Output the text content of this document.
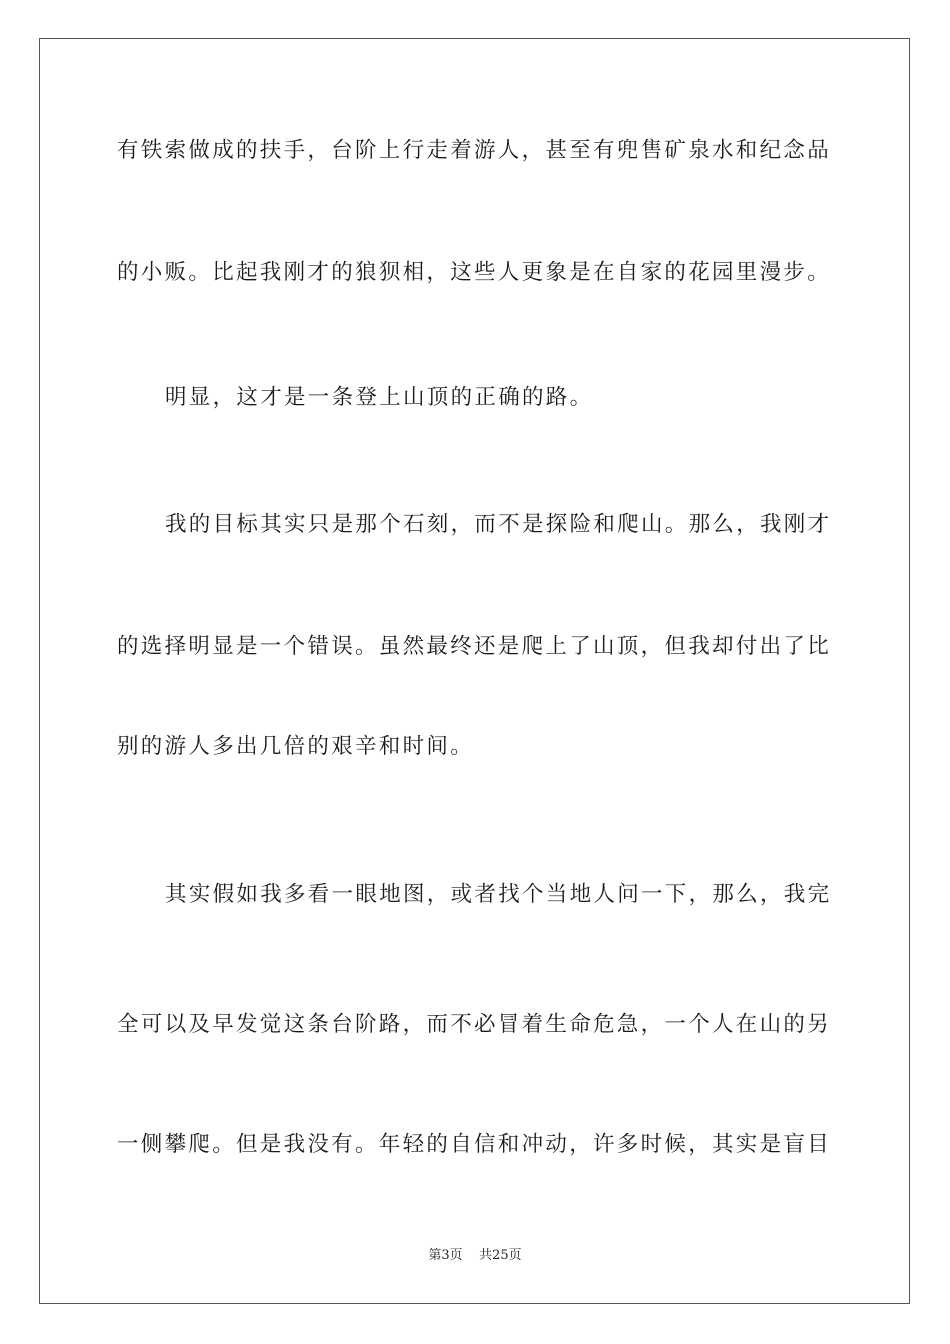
有铁索做成的扶手，台阶上行走着游人，甚至有兜售矿泉水和纪念品
的小贩。比起我刚才的狼狈相，这些人更象是在自家的花园里漫步。
明显，这才是一条登上山顶的正确的路。
我的目标其实只是那个石刻，而不是探险和爬山。那么，我刚才
的选择明显是一个错误。虽然最终还是爬上了山顶，但我却付出了比
别的游人多出几倍的艰辛和时间。
其实假如我多看一眼地图，或者找个当地人问一下，那么，我完
全可以及早发觉这条台阶路，而不必冒着生命危急，一个人在山的另
一侧攀爬。但是我没有。年轻的自信和冲动，许多时候，其实是盲目
第3页 共25页
